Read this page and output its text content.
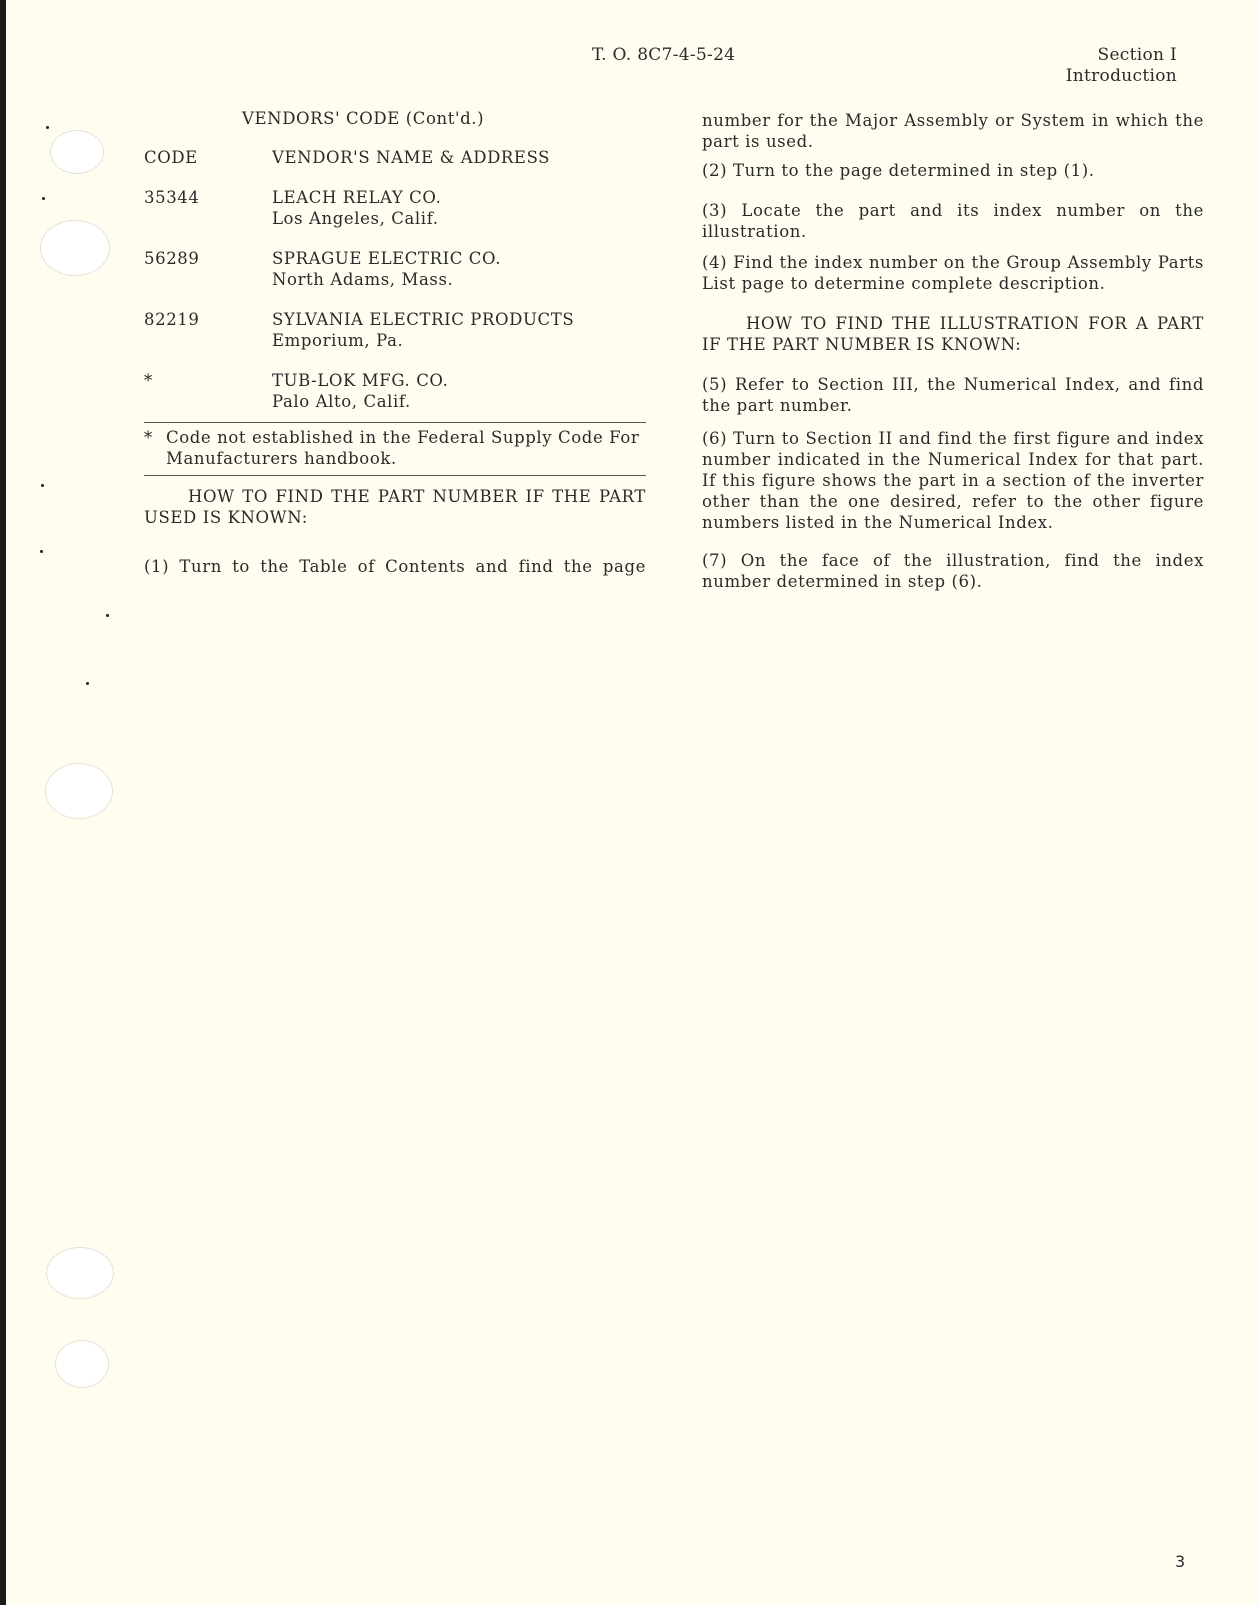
T. O. 8C7-4-5-24	Section I
Introduction
VENDORS' CODE (Cont'd.)
CODE	VENDOR'S NAME & ADDRESS
35344	LEACH RELAY CO.
Los Angeles, Calif.
56289	SPRAGUE ELECTRIC CO.
North Adams, Mass.
82219	SYLVANIA ELECTRIC PRODUCTS
Emporium, Pa.
*	TUB-LOK MFG. CO.
Palo Alto, Calif.
* Code not established in the Federal Supply Code For Manufacturers handbook.
HOW TO FIND THE PART NUMBER IF THE PART USED IS KNOWN:
(1) Turn to the Table of Contents and find the page
number for the Major Assembly or System in which the part is used.
(2) Turn to the page determined in step (1).
(3) Locate the part and its index number on the illustration.
(4) Find the index number on the Group Assembly Parts List page to determine complete description.
HOW TO FIND THE ILLUSTRATION FOR A PART IF THE PART NUMBER IS KNOWN:
(5) Refer to Section III, the Numerical Index, and find the part number.
(6) Turn to Section II and find the first figure and index number indicated in the Numerical Index for that part. If this figure shows the part in a section of the inverter other than the one desired, refer to the other figure numbers listed in the Numerical Index.
(7) On the face of the illustration, find the index number determined in step (6).
3
